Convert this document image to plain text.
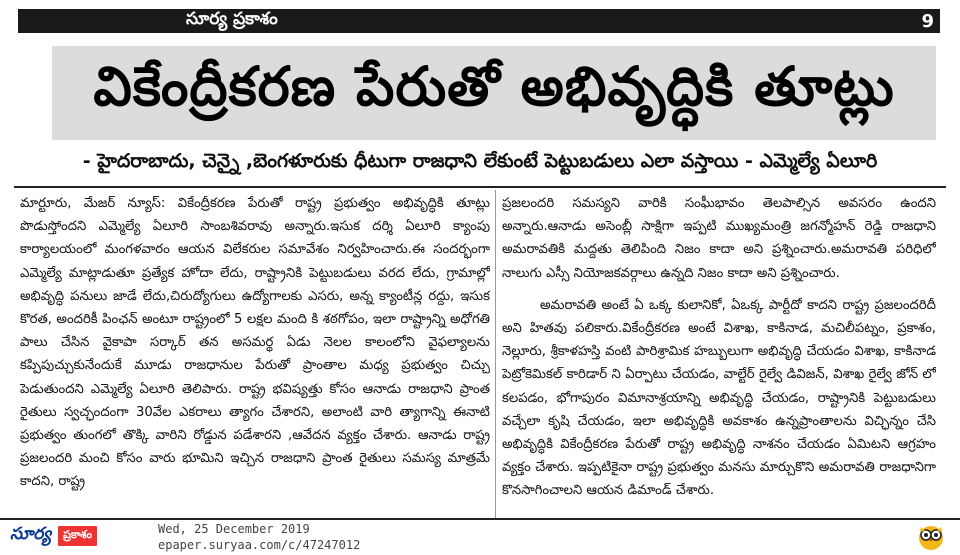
సూర్య ప్రకాశం	9
వికేంద్రీకరణ పేరుతో అభివృద్ధికి తూట్లు
- హైదరాబాదు, చెన్నై ,బెంగళూరుకు ధీటుగా రాజధాని లేకుంటే పెట్టుబడులు ఎలా వస్తాయి - ఎమ్మెల్యే ఏలూరి

మార్టూరు, మేజర్ న్యూస్: వికేంద్రీకరణ పేరుతో రాష్ట్ర ప్రభుత్వం అభివృద్ధికి తూట్లు పొడుస్తోందని ఎమ్మెల్యే ఏలూరి సాంబశివరావు అన్నారు.ఇసుక దర్శి ఏలూరి క్యాంపు కార్యాలయంలో మంగళవారం ఆయన విలేకరుల సమావేశం నిర్వహించారు.ఈ సందర్భంగా ఎమ్మెల్యే మాట్లాడుతూ ప్రత్యేక హోదా లేదు, రాష్ట్రానికి పెట్టుబడులు వరద లేదు, గ్రామాల్లో అభివృద్ధి పనులు జాడే లేదు,చిరుద్యోగులు ఉద్యోగాలకు ఎసరు, అన్న క్యాంటీన్ల రద్దు, ఇసుక కొరత, అందరికీ పింఛన్ అంటూ రాష్ట్రంలో 5 లక్షల మంది కి శఠగోపం, ఇలా రాష్ట్రాన్ని అధోగతి పాలు చేసిన వైకాపా సర్కార్ తన అసమర్థ ఏడు నెలల కాలంలోని వైఫల్యాలను కప్పిపుచ్చుకునేందుకే మూడు రాజధానుల పేరుతో ప్రాంతాల మధ్య ప్రభుత్వం చిచ్చు పెడుతుందని ఎమ్మెల్యే ఏలూరి తెలిపారు. రాష్ట్ర భవిష్యత్తు కోసం ఆనాడు రాజధాని ప్రాంత రైతులు స్వచ్ఛందంగా 30వేల ఎకరాలు త్యాగం చేశారని, అలాంటి వారి త్యాగాన్ని ఈనాటి ప్రభుత్వం తుంగలో తొక్కి వారిని రోడ్డున పడేశారని ,ఆవేదన వ్యక్తం చేశారు. ఆనాడు రాష్ట్ర ప్రజలందరి మంచి కోసం వారు భూమిని ఇచ్చిన రాజధాని ప్రాంత రైతులు సమస్య మాత్రమే కాదని, రాష్ట్ర

ప్రజలందరి సమస్యని వారికి సంఘీభావం తెలపాల్సిన అవసరం ఉందని అన్నారు.ఆనాడు అసెంబ్లీ సాక్షిగా ఇప్పటి ముఖ్యమంత్రి జగన్మోహన్ రెడ్డి రాజధాని అమరావతికి మద్దతు తెలిపింది నిజం కాదా అని ప్రశ్నించారు.అమరావతి పరిధిలో నాలుగు ఎస్సీ నియోజకవర్గాలు ఉన్నది నిజం కాదా అని ప్రశ్నించారు.

అమరావతి అంటే ఏ ఒక్క కులానికో, ఏఒక్క పార్టీదో కాదని రాష్ట్ర ప్రజలందరిదీ అని హితవు పలికారు.వికేంద్రీకరణ అంటే విశాఖ, కాకినాడ, మచిలీపట్నం, ప్రకాశం, నెల్లూరు, శ్రీకాళహస్తి వంటి పారిశ్రామిక హబ్బులుగా అభివృద్ధి చేయడం విశాఖ, కాకినాడ పెట్రోకెమికల్ కారిడార్ ని ఏర్పాటు చేయడం, వాల్టేర్ రైల్వే డివిజన్, విశాఖ రైల్వే జోన్ లో కలపడం, భోగాపురం విమానాశ్రయాన్ని అభివృద్ధి చేయడం, రాష్ట్రానికి పెట్టుబడులు వచ్చేలా కృషి చేయడం, ఇలా అభివృద్ధికి అవకాశం ఉన్నప్రాంతాలను విచ్ఛిన్నం చేసి అభివృద్ధికి వికేంద్రీకరణ పేరుతో రాష్ట్ర అభివృద్ధి నాశనం చేయడం ఏమిటని ఆగ్రహం వ్యక్తం చేశారు. ఇప్పటికైనా రాష్ట్ర ప్రభుత్వం మనసు మార్చుకొని అమరావతి రాజధానిగా కొనసాగించాలని ఆయన డిమాండ్ చేశారు.

సూర్య	ప్రకాశం	Wed, 25 December 2019
epaper.suryaa.com/c/47247012
